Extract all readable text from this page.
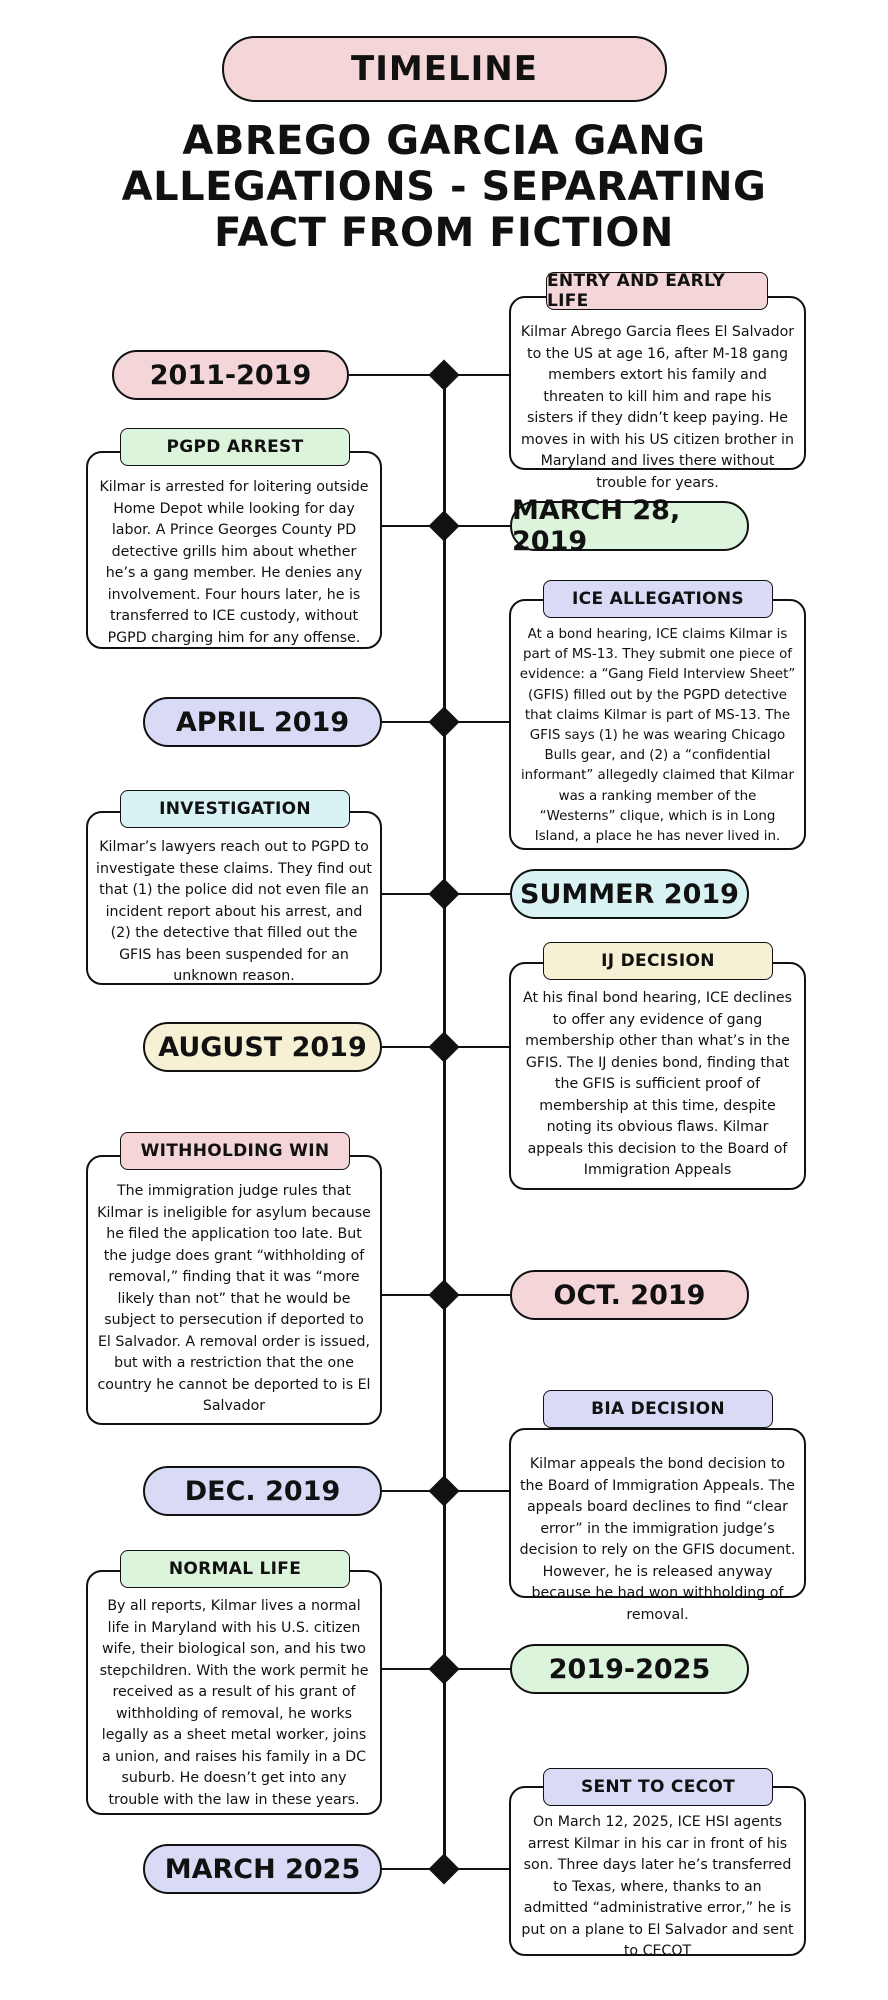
TIMELINE
ABREGO GARCIA GANG
ALLEGATIONS - SEPARATING
FACT FROM FICTION
2011-2019
Kilmar Abrego Garcia flees El Salvador to the US at age 16, after M-18 gang members extort his family and threaten to kill him and rape his sisters if they didn’t keep paying. He moves in with his US citizen brother in Maryland and lives there without trouble for years.
ENTRY AND EARLY LIFE
MARCH 28, 2019
Kilmar is arrested for loitering outside Home Depot while looking for day labor. A Prince Georges County PD detective grills him about whether he’s a gang member. He denies any involvement. Four hours later, he is transferred to ICE custody, without PGPD charging him for any offense.
PGPD ARREST
APRIL 2019
At a bond hearing, ICE claims Kilmar is part of MS-13. They submit one piece of evidence: a “Gang Field Interview Sheet” (GFIS) filled out by the PGPD detective that claims Kilmar is part of MS-13. The GFIS says (1) he was wearing Chicago Bulls gear, and (2) a “confidential informant” allegedly claimed that Kilmar was a ranking member of the “Westerns” clique, which is in Long Island, a place he has never lived in.
ICE ALLEGATIONS
SUMMER 2019
Kilmar’s lawyers reach out to PGPD to investigate these claims. They find out that (1) the police did not even file an incident report about his arrest, and (2) the detective that filled out the GFIS has been suspended for an unknown reason.
INVESTIGATION
AUGUST 2019
At his final bond hearing, ICE declines to offer any evidence of gang membership other than what’s in the GFIS. The IJ denies bond, finding that the GFIS is sufficient proof of membership at this time, despite noting its obvious flaws. Kilmar appeals this decision to the Board of Immigration Appeals
IJ DECISION
OCT. 2019
The immigration judge rules that Kilmar is ineligible for asylum because he filed the application too late. But the judge does grant “withholding of removal,” finding that it was “more likely than not” that he would be subject to persecution if deported to El Salvador. A removal order is issued, but with a restriction that the one country he cannot be deported to is El Salvador
WITHHOLDING WIN
DEC. 2019
Kilmar appeals the bond decision to the Board of Immigration Appeals. The appeals board declines to find “clear error” in the immigration judge’s decision to rely on the GFIS document. However, he is released anyway because he had won withholding of removal.
BIA DECISION
2019-2025
By all reports, Kilmar lives a normal life in Maryland with his U.S. citizen wife, their biological son, and his two stepchildren. With the work permit he received as a result of his grant of withholding of removal, he works legally as a sheet metal worker, joins a union, and raises his family in a DC suburb. He doesn’t get into any trouble with the law in these years.
NORMAL LIFE
MARCH 2025
On March 12, 2025, ICE HSI agents arrest Kilmar in his car in front of his son. Three days later he’s transferred to Texas, where, thanks to an admitted “administrative error,” he is put on a plane to El Salvador and sent to CECOT
SENT TO CECOT
